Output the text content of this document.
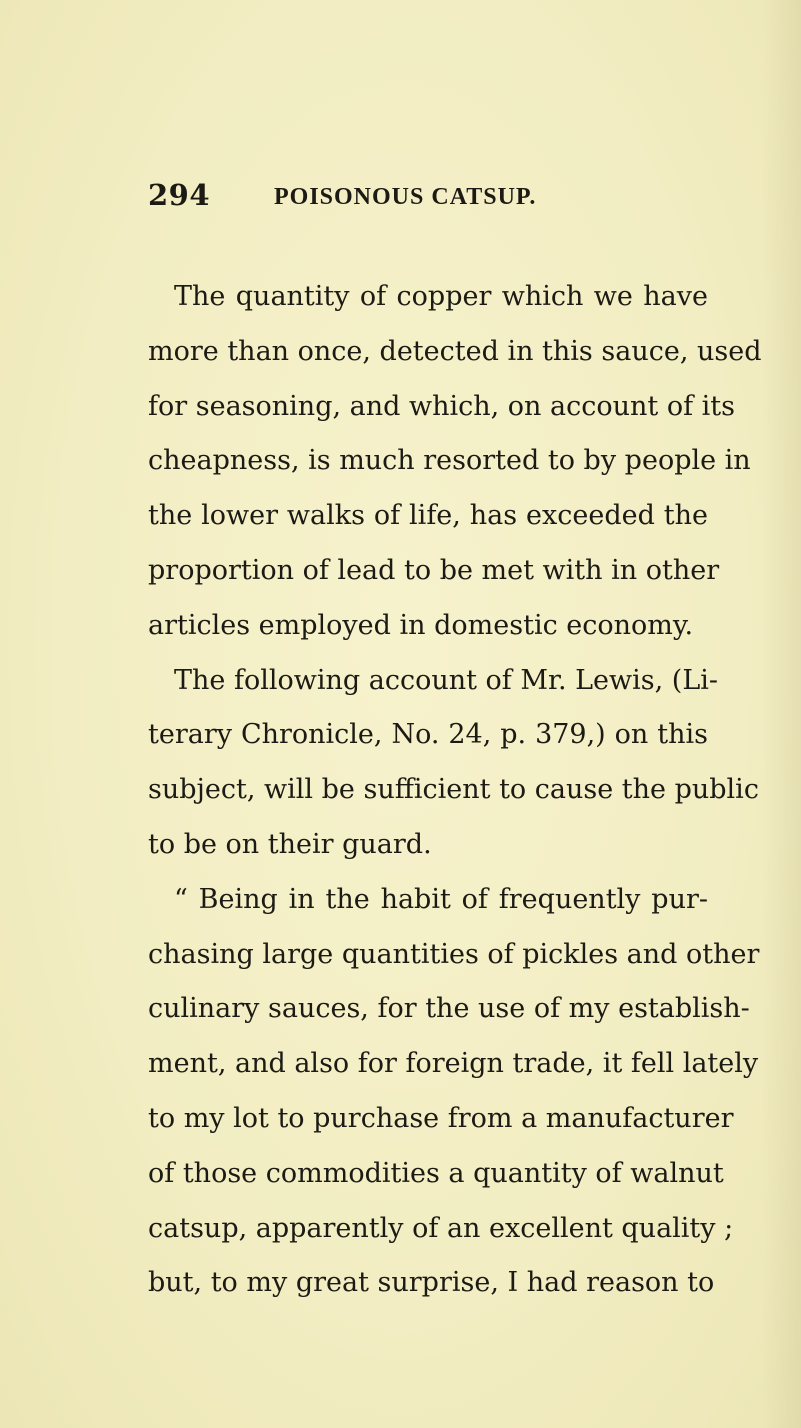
294	POISONOUS CATSUP.
The quantity of copper which we have
more than once, detected in this sauce, used
for seasoning, and which, on account of its
cheapness, is much resorted to by people in
the lower walks of life, has exceeded the
proportion of lead to be met with in other
articles employed in domestic economy.
The following account of Mr. Lewis, (Li-
terary Chronicle, No. 24, p. 379,) on this
subject, will be sufficient to cause the public
to be on their guard.
“ Being in the habit of frequently pur-
chasing large quantities of pickles and other
culinary sauces, for the use of my establish-
ment, and also for foreign trade, it fell lately
to my lot to purchase from a manufacturer
of those commodities a quantity of walnut
catsup, apparently of an excellent quality ;
but, to my great surprise, I had reason to
